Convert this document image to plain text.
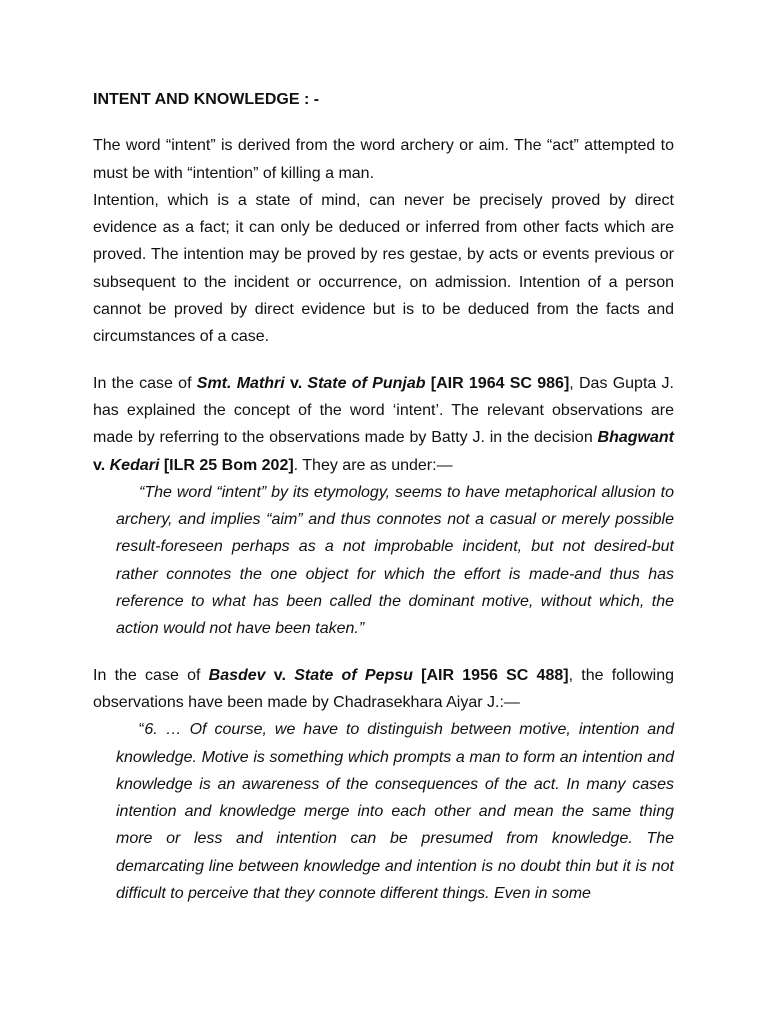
INTENT AND KNOWLEDGE : -

The word “intent” is derived from the word archery or aim. The “act” attempted to must be with “intention” of killing a man.

Intention, which is a state of mind, can never be precisely proved by direct evidence as a fact; it can only be deduced or inferred from other facts which are proved. The intention may be proved by res gestae, by acts or events previous or subsequent to the incident or occurrence, on admission. Intention of a person cannot be proved by direct evidence but is to be deduced from the facts and circumstances of a case.

In the case of Smt. Mathri v. State of Punjab [AIR 1964 SC 986], Das Gupta J. has explained the concept of the word ‘intent’. The relevant observations are made by referring to the observations made by Batty J. in the decision Bhagwant v. Kedari [ILR 25 Bom 202]. They are as under:—

“The word “intent” by its etymology, seems to have metaphorical allusion to archery, and implies “aim” and thus connotes not a casual or merely possible result-foreseen perhaps as a not improbable incident, but not desired-but rather connotes the one object for which the effort is made-and thus has reference to what has been called the dominant motive, without which, the action would not have been taken.”

In the case of Basdev v. State of Pepsu [AIR 1956 SC 488], the following observations have been made by Chadrasekhara Aiyar J.:—

“6. … Of course, we have to distinguish between motive, intention and knowledge. Motive is something which prompts a man to form an intention and knowledge is an awareness of the consequences of the act. In many cases intention and knowledge merge into each other and mean the same thing more or less and intention can be presumed from knowledge. The demarcating line between knowledge and intention is no doubt thin but it is not difficult to perceive that they connote different things. Even in some
